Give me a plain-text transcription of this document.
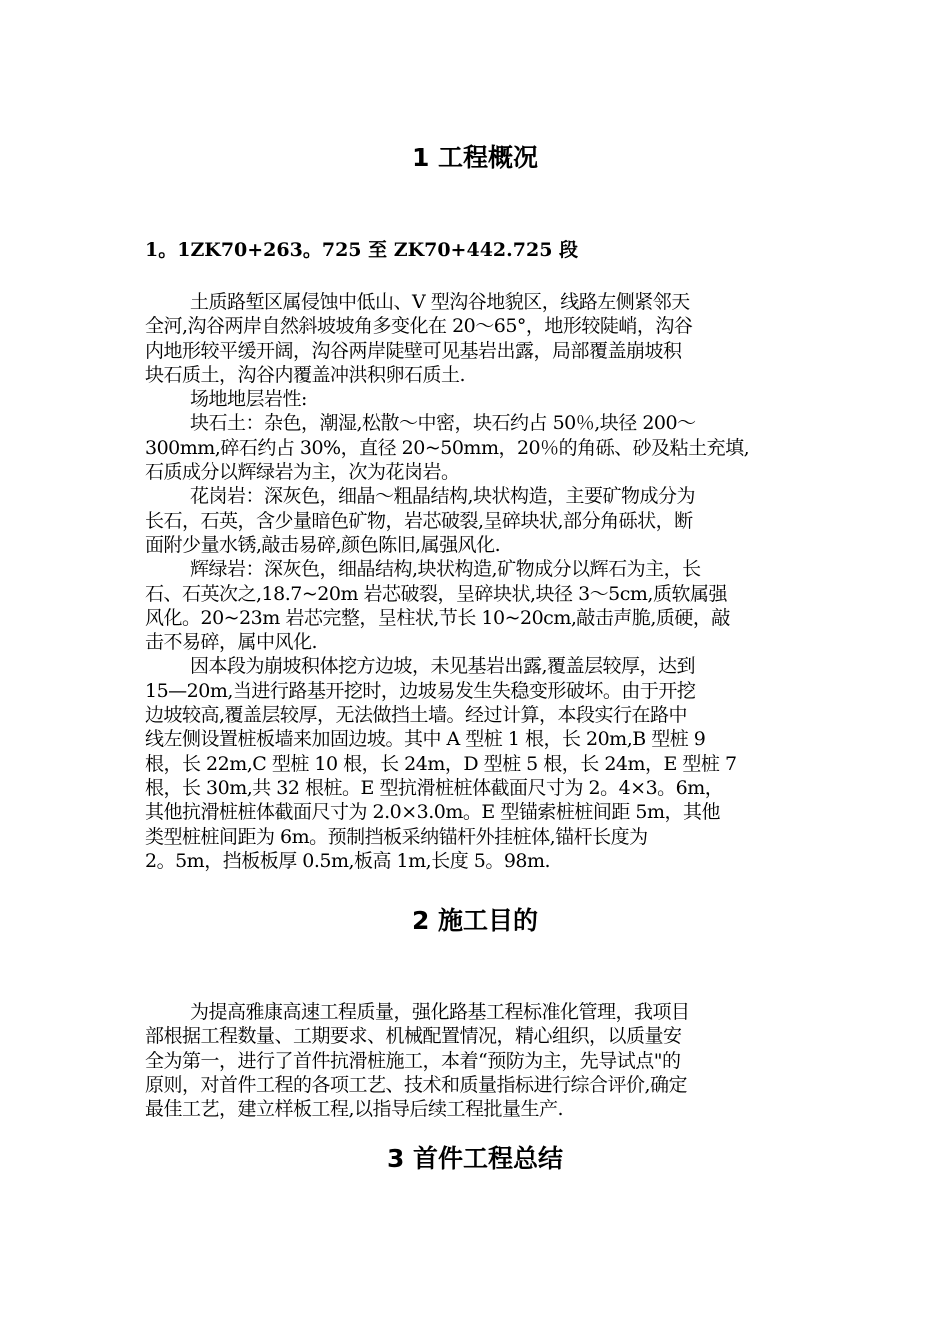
1 工程概况
1。1ZK70+263。725 至 ZK70+442.725 段

土质路堑区属侵蚀中低山、V 型沟谷地貌区，线路左侧紧邻天
全河,沟谷两岸自然斜坡坡角多变化在 20～65°，地形较陡峭，沟谷
内地形较平缓开阔，沟谷两岸陡壁可见基岩出露，局部覆盖崩坡积
块石质土，沟谷内覆盖冲洪积卵石质土.

场地地层岩性:

块石土：杂色，潮湿,松散～中密，块石约占 50％,块径 200～
300mm,碎石约占 30%，直径 20~50mm，20％的角砾、砂及粘土充填,
石质成分以辉绿岩为主，次为花岗岩。

花岗岩：深灰色，细晶～粗晶结构,块状构造，主要矿物成分为
长石，石英，含少量暗色矿物，岩芯破裂,呈碎块状,部分角砾状，断
面附少量水锈,敲击易碎,颜色陈旧,属强风化.

辉绿岩：深灰色，细晶结构,块状构造,矿物成分以辉石为主，长
石、石英次之,18.7~20m 岩芯破裂，呈碎块状,块径 3～5cm,质软属强
风化。20~23m 岩芯完整，呈柱状,节长 10~20cm,敲击声脆,质硬，敲
击不易碎，属中风化.

因本段为崩坡积体挖方边坡，未见基岩出露,覆盖层较厚，达到
15—20m,当进行路基开挖时，边坡易发生失稳变形破坏。由于开挖
边坡较高,覆盖层较厚，无法做挡土墙。经过计算，本段实行在路中
线左侧设置桩板墙来加固边坡。其中 A 型桩 1 根，长 20m,B 型桩 9
根，长 22m,C 型桩 10 根，长 24m，D 型桩 5 根，长 24m，E 型桩 7
根，长 30m,共 32 根桩。E 型抗滑桩桩体截面尺寸为 2。4×3。6m，
其他抗滑桩桩体截面尺寸为 2.0×3.0m。E 型锚索桩桩间距 5m，其他
类型桩桩间距为 6m。预制挡板采纳锚杆外挂桩体,锚杆长度为
2。5m，挡板板厚 0.5m,板高 1m,长度 5。98m.

2 施工目的

为提高雅康高速工程质量，强化路基工程标准化管理，我项目
部根据工程数量、工期要求、机械配置情况，精心组织，以质量安
全为第一，进行了首件抗滑桩施工，本着“预防为主，先导试点"的
原则，对首件工程的各项工艺、技术和质量指标进行综合评价,确定
最佳工艺，建立样板工程,以指导后续工程批量生产.

3 首件工程总结
